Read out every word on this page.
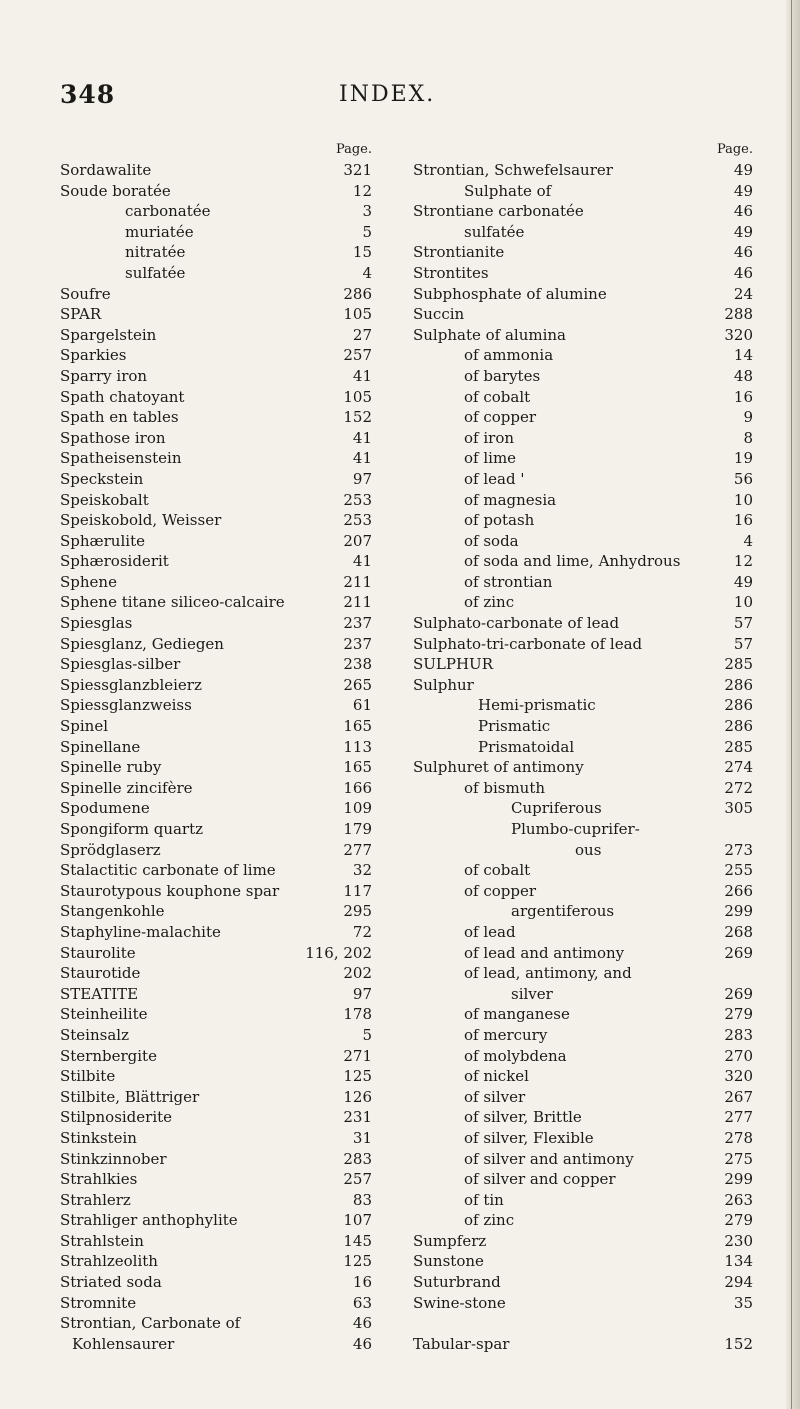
348	INDEX.
Page.
Sordawalite	321
Soude boratée	12
carbonatée	3
muriatée	5
nitratée	15
sulfatée	4
Soufre	286
SPAR	105
Spargelstein	27
Sparkies	257
Sparry iron	41
Spath chatoyant	105
Spath en tables	152
Spathose iron	41
Spatheisenstein	41
Speckstein	97
Speiskobalt	253
Speiskobold, Weisser	253
Sphærulite	207
Sphærosiderit	41
Sphene	211
Sphene titane siliceo-calcaire	211
Spiesglas	237
Spiesglanz, Gediegen	237
Spiesglas-silber	238
Spiessglanzbleierz	265
Spiessglanzweiss	61
Spinel	165
Spinellane	113
Spinelle ruby	165
Spinelle zincifère	166
Spodumene	109
Spongiform quartz	179
Sprödglaserz	277
Stalactitic carbonate of lime	32
Staurotypous kouphone spar	117
Stangenkohle	295
Staphyline-malachite	72
Staurolite	116, 202
Staurotide	202
STEATITE	97
Steinheilite	178
Steinsalz	5
Sternbergite	271
Stilbite	125
Stilbite, Blättriger	126
Stilpnosiderite	231
Stinkstein	31
Stinkzinnober	283
Strahlkies	257
Strahlerz	83
Strahliger anthophylite	107
Strahlstein	145
Strahlzeolith	125
Striated soda	16
Stromnite	63
Strontian, Carbonate of	46
Kohlensaurer	46
Page.
Strontian, Schwefelsaurer	49
Sulphate of	49
Strontiane carbonatée	46
sulfatée	49
Strontianite	46
Strontites	46
Subphosphate of alumine	24
Succin	288
Sulphate of alumina	320
of ammonia	14
of barytes	48
of cobalt	16
of copper	9
of iron	8
of lime	19
of lead '	56
of magnesia	10
of potash	16
of soda	4
of soda and lime, Anhydrous	12
of strontian	49
of zinc	10
Sulphato-carbonate of lead	57
Sulphato-tri-carbonate of lead	57
SULPHUR	285
Sulphur	286
Hemi-prismatic	286
Prismatic	286
Prismatoidal	285
Sulphuret of antimony	274
of bismuth	272
Cupriferous	305
Plumbo-cuprifer-
ous	273
of cobalt	255
of copper	266
argentiferous	299
of lead	268
of lead and antimony	269
of lead, antimony, and
silver	269
of manganese	279
of mercury	283
of molybdena	270
of nickel	320
of silver	267
of silver, Brittle	277
of silver, Flexible	278
of silver and antimony	275
of silver and copper	299
of tin	263
of zinc	279
Sumpferz	230
Sunstone	134
Suturbrand	294
Swine-stone	35
Tabular-spar	152
